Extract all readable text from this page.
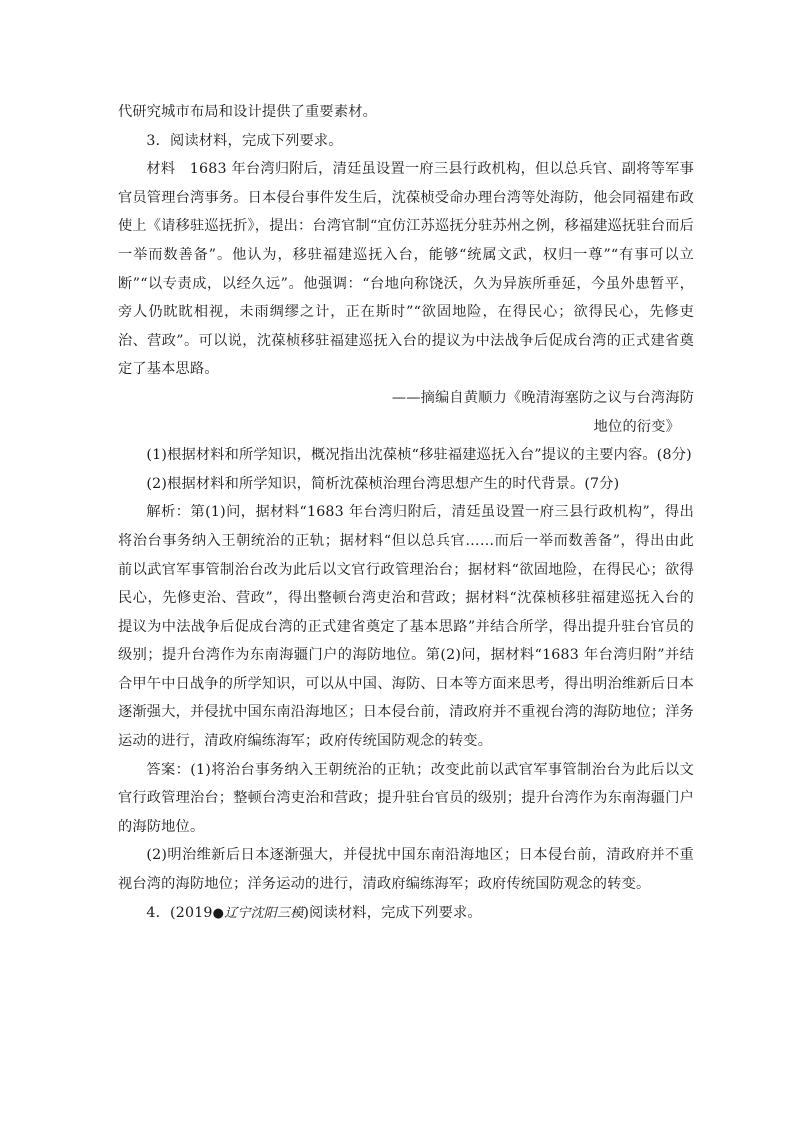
代研究城市布局和设计提供了重要素材。

3．阅读材料，完成下列要求。

材料　1683 年台湾归附后，清廷虽设置一府三县行政机构，但以总兵官、副将等军事官员管理台湾事务。日本侵台事件发生后，沈葆桢受命办理台湾等处海防，他会同福建布政使上《请移驻巡抚折》，提出：台湾官制“宜仿江苏巡抚分驻苏州之例，移福建巡抚驻台而后一举而数善备”。他认为，移驻福建巡抚入台，能够“统属文武，权归一尊”“有事可以立断”“以专责成，以经久远”。他强调：“台地向称饶沃，久为异族所垂延，今虽外患暂平，旁人仍眈眈相视，未雨绸缪之计，正在斯时”“欲固地险，在得民心；欲得民心，先修吏治、营政”。可以说，沈葆桢移驻福建巡抚入台的提议为中法战争后促成台湾的正式建省奠定了基本思路。

——摘编自黄顺力《晚清海塞防之议与台湾海防

地位的衍变》

(1)根据材料和所学知识，概况指出沈葆桢“移驻福建巡抚入台”提议的主要内容。(8分)

(2)根据材料和所学知识，简析沈葆桢治理台湾思想产生的时代背景。(7分)

解析：第(1)问，据材料“1683 年台湾归附后，清廷虽设置一府三县行政机构”，得出将治台事务纳入王朝统治的正轨；据材料“但以总兵官……而后一举而数善备”，得出由此前以武官军事管制治台改为此后以文官行政管理治台；据材料“欲固地险，在得民心；欲得民心，先修吏治、营政”，得出整顿台湾吏治和营政；据材料“沈葆桢移驻福建巡抚入台的提议为中法战争后促成台湾的正式建省奠定了基本思路”并结合所学，得出提升驻台官员的级别；提升台湾作为东南海疆门户的海防地位。第(2)问，据材料“1683 年台湾归附”并结合甲午中日战争的所学知识，可以从中国、海防、日本等方面来思考，得出明治维新后日本逐渐强大，并侵扰中国东南沿海地区；日本侵台前，清政府并不重视台湾的海防地位；洋务运动的进行，清政府编练海军；政府传统国防观念的转变。

答案：(1)将治台事务纳入王朝统治的正轨；改变此前以武官军事管制治台为此后以文官行政管理治台；整顿台湾吏治和营政；提升驻台官员的级别；提升台湾作为东南海疆门户的海防地位。

(2)明治维新后日本逐渐强大，并侵扰中国东南沿海地区；日本侵台前，清政府并不重视台湾的海防地位；洋务运动的进行，清政府编练海军；政府传统国防观念的转变。

4．(2019●辽宁沈阳三模)阅读材料，完成下列要求。
